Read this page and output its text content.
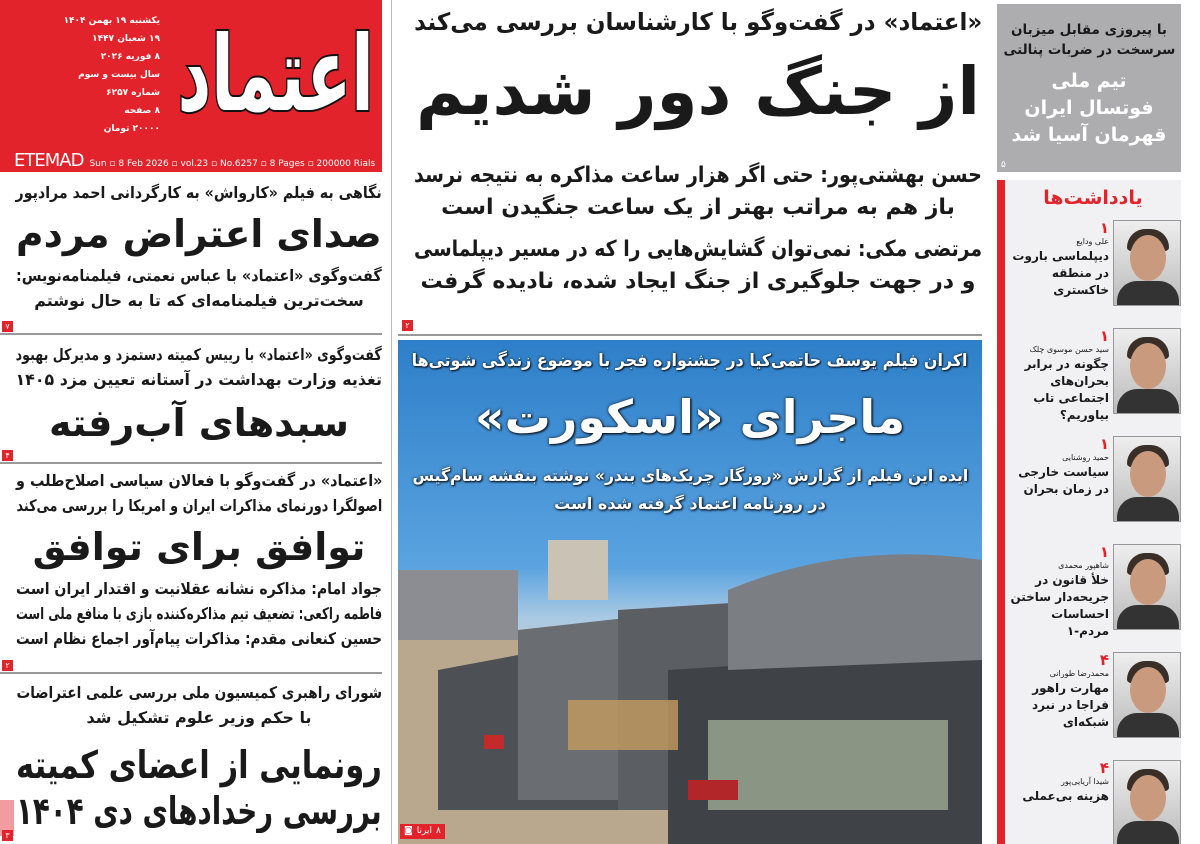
اعتماد
یکشنبه ۱۹ بهمن ۱۴۰۴
۱۹ شعبان ۱۴۴۷
۸ فوریه ۲۰۲۶
سال بیست و سوم
شماره ۶۲۵۷
۸ صفحه
۲۰۰۰۰ تومان
ETEMAD Sun ▫ 8 Feb 2026 ▫ vol.23 ▫ No.6257 ▫ 8 Pages ▫ 200000 Rials
نگاهی به فیلم «کارواش» به کارگردانی احمد مرادپور
صدای اعتراض مردم
گفت‌وگوی «اعتماد» با عباس نعمتی، فیلمنامه‌نویس:
سخت‌ترین فیلمنامه‌ای که تا به حال نوشتم
۷
گفت‌وگوی «اعتماد» با رییس کمیته دستمزد و مدیرکل بهبود
تغذیه وزارت بهداشت در آستانه تعیین مزد ۱۴۰۵
سبدهای آب‌رفته
۴
«اعتماد» در گفت‌وگو با فعالان سیاسی اصلاح‌طلب و
اصولگرا دورنمای مذاکرات ایران و امریکا را بررسی می‌کند
توافق برای توافق
جواد امام: مذاکره نشانه عقلانیت و اقتدار ایران است
فاطمه راکعی: تضعیف تیم مذاکره‌کننده بازی با منافع ملی است
حسین کنعانی مقدم: مذاکرات پیام‌آور اجماع نظام است
۲
شورای راهبری کمیسیون ملی بررسی علمی اعتراضات
با حکم وزیر علوم تشکیل شد
رونمایی از اعضای کمیته
بررسی رخدادهای دی ۱۴۰۴
۳
«اعتماد» در گفت‌وگو با کارشناسان بررسی می‌کند
از جنگ دور شدیم
حسن بهشتی‌پور: حتی اگر هزار ساعت مذاکره به نتیجه نرسد
باز هم به مراتب بهتر از یک ساعت جنگیدن است
مرتضی مکی: نمی‌توان گشایش‌هایی را که در مسیر دیپلماسی
و در جهت جلوگیری از جنگ ایجاد شده، نادیده گرفت
۲
اکران فیلم یوسف حاتمی‌کیا در جشنواره فجر با موضوع زندگی شوتی‌ها
ماجرای «اسکورت»
ایده این فیلم از گزارش «روزگار چریک‌های بندر» نوشته بنفشه سام‌گیس
در روزنامه اعتماد گرفته شده است
۸
ایرنا
◙
با پیروزی مقابل میزبان
سرسخت در ضربات پنالتی
تیم ملی
فوتسال ایران
قهرمان آسیا شد
۵
یادداشت‌ها
۱
علی ودایع
دیپلماسی باروت در منطقه خاکستری
۱
سید حسن موسوی چلک
چگونه در برابر بحران‌های اجتماعی تاب بیاوریم؟
۱
حمید روشنایی
سیاست خارجی در زمان بحران
۱
شاهپور محمدی
خلأ قانون در جریحه‌دار ساختن احساسات مردم-۱
۴
محمدرضا طورانی
مهارت راهور فراجا در نبرد شبکه‌ای
۴
شیدا آریایی‌پور
هزینه بی‌عملی
